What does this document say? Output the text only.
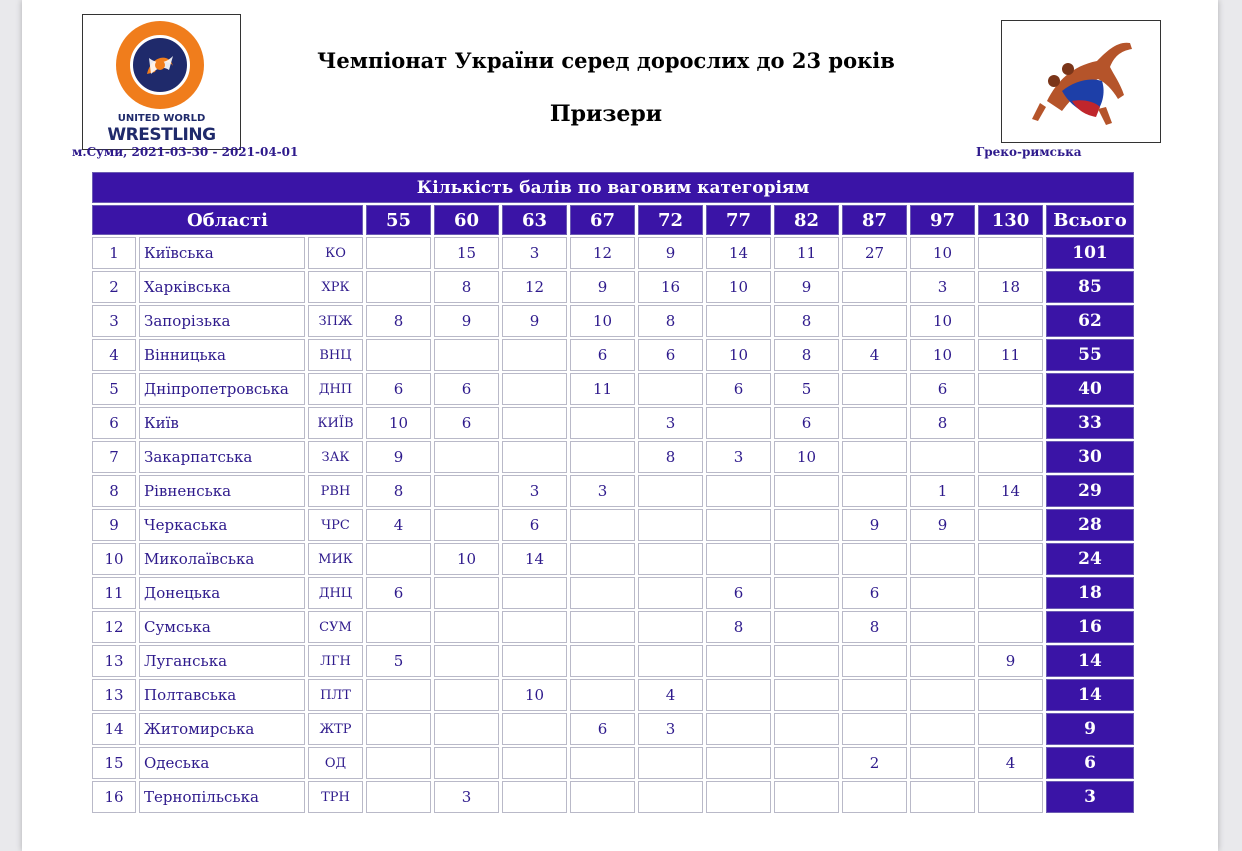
UNITED WORLD
WRESTLING
Чемпіонат України серед дорослих до 23 років
Призери
м.Суми, 2021-03-30 - 2021-04-01	Греко-римська
Кількість балів по ваговим категоріям													
Області			55	60	63	67	72	77	82	87	97	130	Всього
1	Київська	КО		15	3	12	9	14	11	27	10		101
2	Харківська	ХРК		8	12	9	16	10	9		3	18	85
3	Запорізька	ЗПЖ	8	9	9	10	8		8		10		62
4	Вінницька	ВНЦ				6	6	10	8	4	10	11	55
5	Дніпропетровська	ДНП	6	6		11		6	5		6		40
6	Київ	КИЇВ	10	6			3		6		8		33
7	Закарпатська	ЗАК	9				8	3	10				30
8	Рівненська	РВН	8		3	3					1	14	29
9	Черкаська	ЧРС	4		6					9	9		28
10	Миколаївська	МИК		10	14								24
11	Донецька	ДНЦ	6					6		6			18
12	Сумська	СУМ						8		8			16
13	Луганська	ЛГН	5									9	14
13	Полтавська	ПЛТ			10		4						14
14	Житомирська	ЖТР				6	3						9
15	Одеська	ОД								2		4	6
16	Тернопільська	ТРН		3									3
